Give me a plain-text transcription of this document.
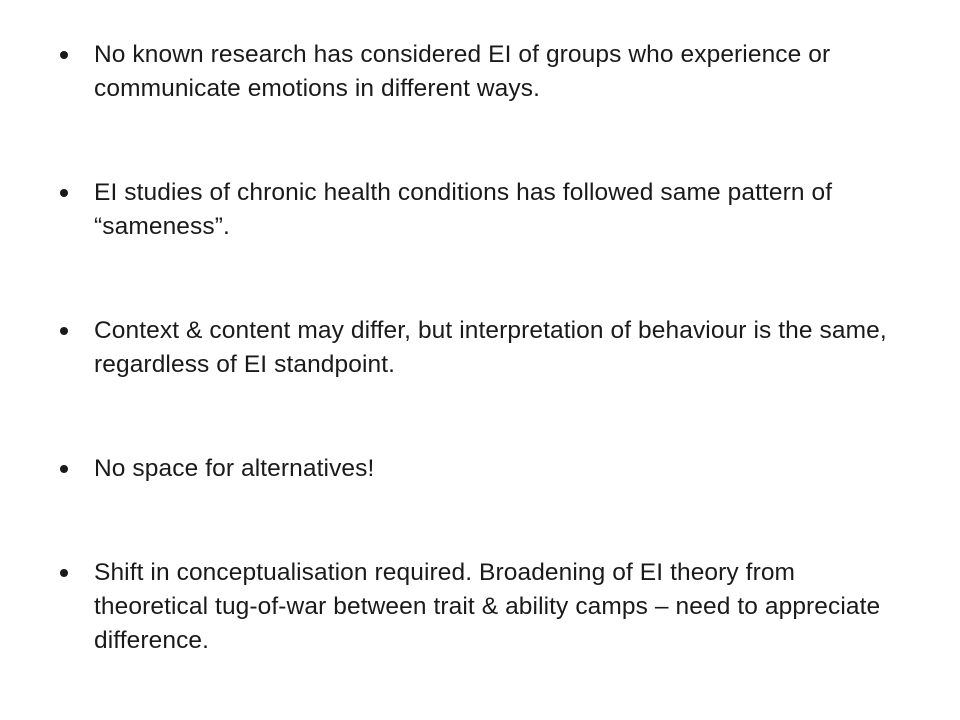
No known research has considered EI of groups who experience or communicate emotions in different ways.
EI studies of chronic health conditions has followed same pattern of “sameness”.
Context & content may differ, but interpretation of behaviour is the same, regardless of EI standpoint.
No space for alternatives!
Shift in conceptualisation required. Broadening of EI theory from theoretical tug-of-war between trait & ability camps – need to appreciate difference.
